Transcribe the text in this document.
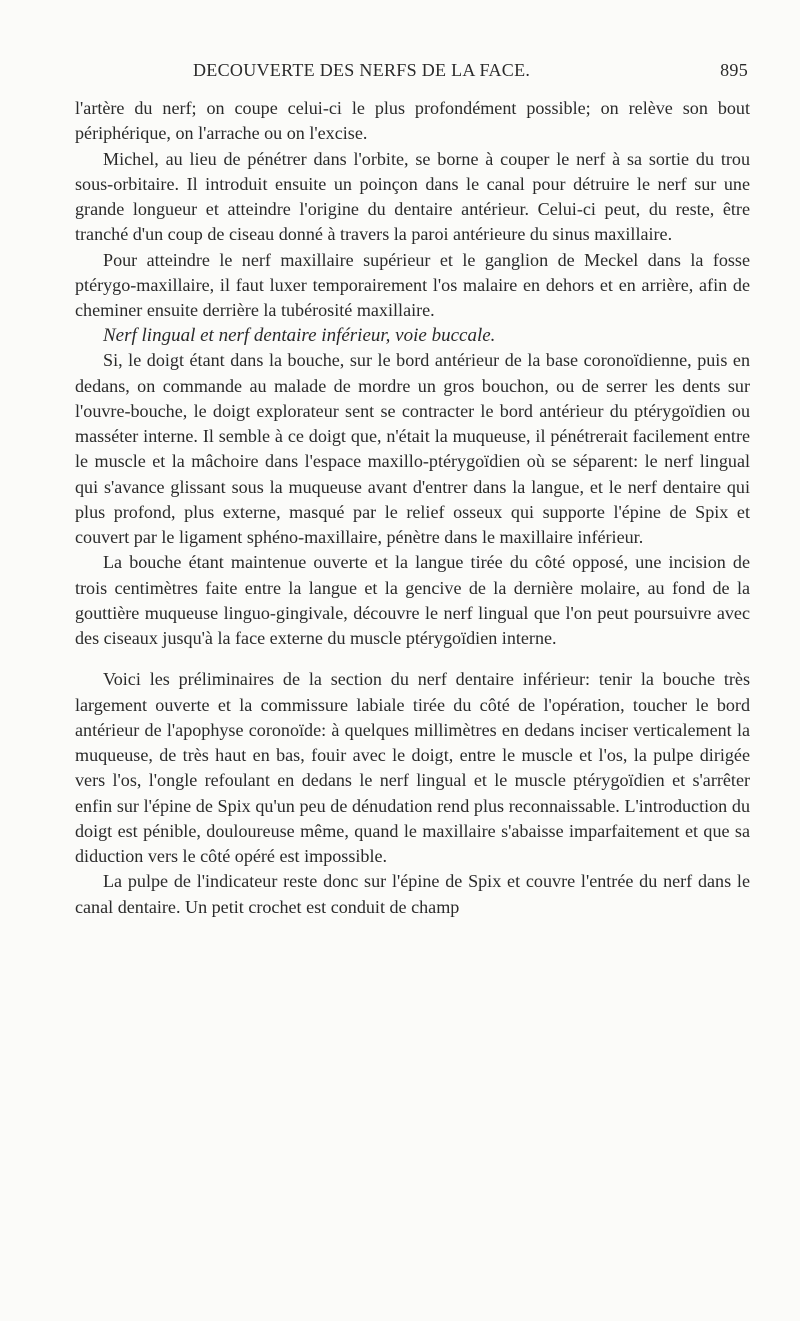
DECOUVERTE DES NERFS DE LA FACE.	895

l'artère du nerf; on coupe celui-ci le plus profondément possible; on relève son bout périphérique, on l'arrache ou on l'excise.

Michel, au lieu de pénétrer dans l'orbite, se borne à couper le nerf à sa sortie du trou sous-orbitaire. Il introduit ensuite un poinçon dans le canal pour détruire le nerf sur une grande longueur et atteindre l'origine du dentaire antérieur. Celui-ci peut, du reste, être tranché d'un coup de ciseau donné à travers la paroi antérieure du sinus maxillaire.

Pour atteindre le nerf maxillaire supérieur et le ganglion de Meckel dans la fosse ptérygo-maxillaire, il faut luxer temporairement l'os malaire en dehors et en arrière, afin de cheminer ensuite derrière la tubérosité maxillaire.

Nerf lingual et nerf dentaire inférieur, voie buccale.

Si, le doigt étant dans la bouche, sur le bord antérieur de la base coronoïdienne, puis en dedans, on commande au malade de mordre un gros bouchon, ou de serrer les dents sur l'ouvre-bouche, le doigt explorateur sent se contracter le bord antérieur du ptérygoïdien ou masséter interne. Il semble à ce doigt que, n'était la muqueuse, il pénétrerait facilement entre le muscle et la mâchoire dans l'espace maxillo-ptérygoïdien où se séparent: le nerf lingual qui s'avance glissant sous la muqueuse avant d'entrer dans la langue, et le nerf dentaire qui plus profond, plus externe, masqué par le relief osseux qui supporte l'épine de Spix et couvert par le ligament sphéno-maxillaire, pénètre dans le maxillaire inférieur.

La bouche étant maintenue ouverte et la langue tirée du côté opposé, une incision de trois centimètres faite entre la langue et la gencive de la dernière molaire, au fond de la gouttière muqueuse linguo-gingivale, découvre le nerf lingual que l'on peut poursuivre avec des ciseaux jusqu'à la face externe du muscle ptérygoïdien interne.

Voici les préliminaires de la section du nerf dentaire inférieur: tenir la bouche très largement ouverte et la commissure labiale tirée du côté de l'opération, toucher le bord antérieur de l'apophyse coronoïde: à quelques millimètres en dedans inciser verticalement la muqueuse, de très haut en bas, fouir avec le doigt, entre le muscle et l'os, la pulpe dirigée vers l'os, l'ongle refoulant en dedans le nerf lingual et le muscle ptérygoïdien et s'arrêter enfin sur l'épine de Spix qu'un peu de dénudation rend plus reconnaissable. L'introduction du doigt est pénible, douloureuse même, quand le maxillaire s'abaisse imparfaitement et que sa diduction vers le côté opéré est impossible.

La pulpe de l'indicateur reste donc sur l'épine de Spix et couvre l'entrée du nerf dans le canal dentaire. Un petit crochet est conduit de champ
